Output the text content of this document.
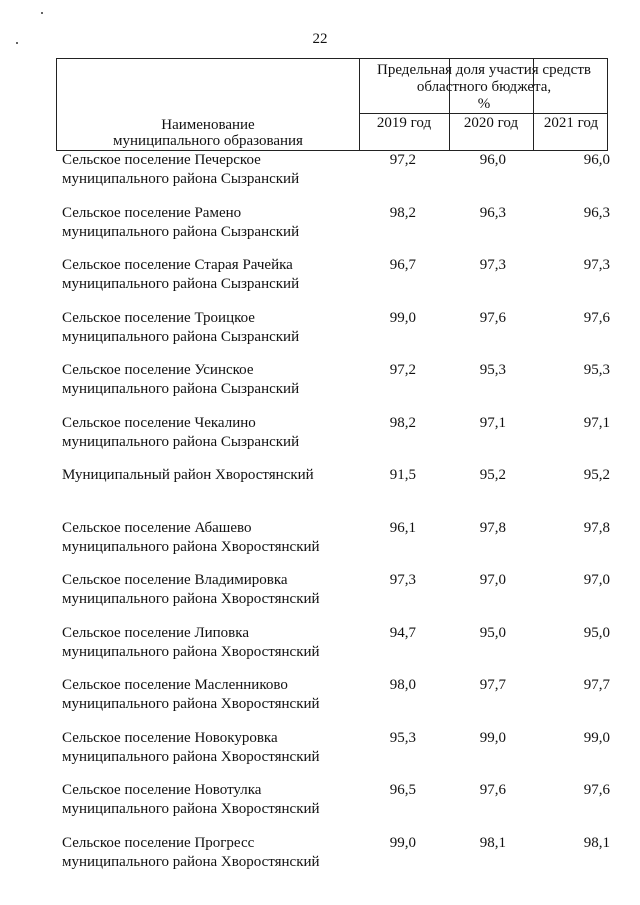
22
Наименование
муниципального образования
Предельная доля участия средств
областного бюджета,
%
2019 год	2020 год	2021 год
Сельское поселение Печерское
муниципального района Сызранский
97,2	96,0	96,0
Сельское поселение Рамено
муниципального района Сызранский
98,2	96,3	96,3
Сельское поселение Старая Рачейка
муниципального района Сызранский
96,7	97,3	97,3
Сельское поселение Троицкое
муниципального района Сызранский
99,0	97,6	97,6
Сельское поселение Усинское
муниципального района Сызранский
97,2	95,3	95,3
Сельское поселение Чекалино
муниципального района Сызранский
98,2	97,1	97,1
Муниципальный район Хворостянский	91,5	95,2	95,2
Сельское поселение Абашево
муниципального района Хворостянский
96,1	97,8	97,8
Сельское поселение Владимировка
муниципального района Хворостянский
97,3	97,0	97,0
Сельское поселение Липовка
муниципального района Хворостянский
94,7	95,0	95,0
Сельское поселение Масленниково
муниципального района Хворостянский
98,0	97,7	97,7
Сельское поселение Новокуровка
муниципального района Хворостянский
95,3	99,0	99,0
Сельское поселение Новотулка
муниципального района Хворостянский
96,5	97,6	97,6
Сельское поселение Прогресс
муниципального района Хворостянский
99,0	98,1	98,1
